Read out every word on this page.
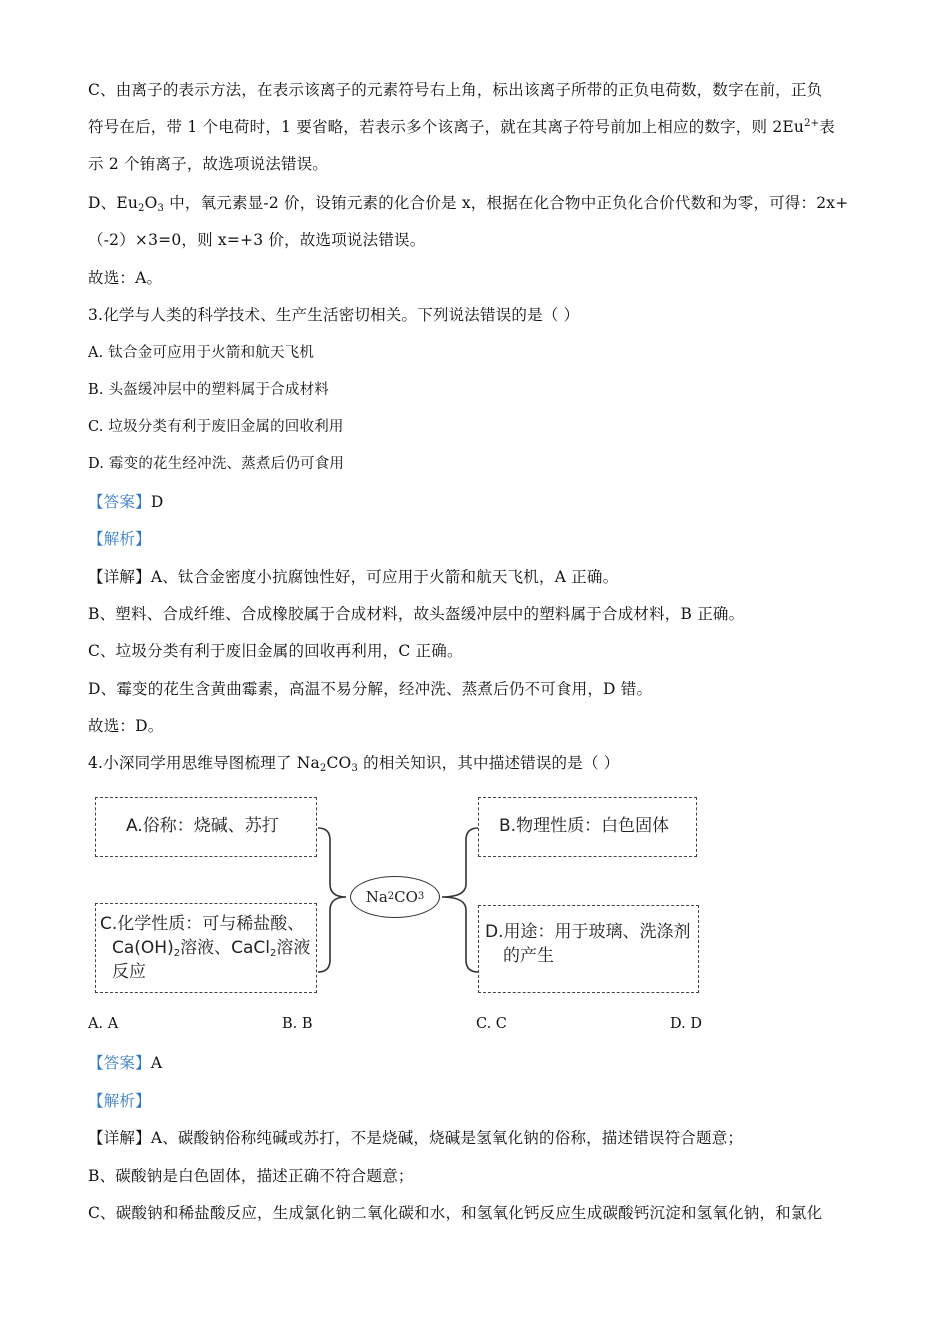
C、由离子的表示方法，在表示该离子的元素符号右上角，标出该离子所带的正负电荷数，数字在前，正负
符号在后，带 1 个电荷时，1 要省略，若表示多个该离子，就在其离子符号前加上相应的数字，则 $2Eu^{2+}$表
示 2 个铕离子，故选项说法错误。
D、$Eu_2O_3$ 中，氧元素显-2 价，设铕元素的化合价是 x，根据在化合物中正负化合价代数和为零，可得：2x+
（-2）×3=0，则 x=+3 价，故选项说法错误。
故选：A。
3.化学与人类的科学技术、生产生活密切相关。下列说法错误的是（ ）
A. 钛合金可应用于火箭和航天飞机
B. 头盔缓冲层中的塑料属于合成材料
C. 垃圾分类有利于废旧金属的回收利用
D. 霉变的花生经冲洗、蒸煮后仍可食用
【答案】D
【解析】
【详解】A、钛合金密度小抗腐蚀性好，可应用于火箭和航天飞机，A 正确。
B、塑料、合成纤维、合成橡胶属于合成材料，故头盔缓冲层中的塑料属于合成材料，B 正确。
C、垃圾分类有利于废旧金属的回收再利用，C 正确。
D、霉变的花生含黄曲霉素，高温不易分解，经冲洗、蒸煮后仍不可食用，D 错。
故选：D。
4.小深同学用思维导图梳理了 $Na_2CO_3$ 的相关知识，其中描述错误的是（ ）
Na 2 CO 3
A.俗称：烧碱、苏打	B.物理性质：白色固体
C.化学性质：可与稀盐酸、
$Ca(OH)_2$溶液、CaCl$_2$溶液
反应
D.用途：用于玻璃、洗涤剂
的产生
A. A	B. B	C. C	D. D
【答案】A
【解析】
【详解】A、碳酸钠俗称纯碱或苏打，不是烧碱，烧碱是氢氧化钠的俗称，描述错误符合题意；
B、碳酸钠是白色固体，描述正确不符合题意；
C、碳酸钠和稀盐酸反应，生成氯化钠二氧化碳和水，和氢氧化钙反应生成碳酸钙沉淀和氢氧化钠，和氯化
